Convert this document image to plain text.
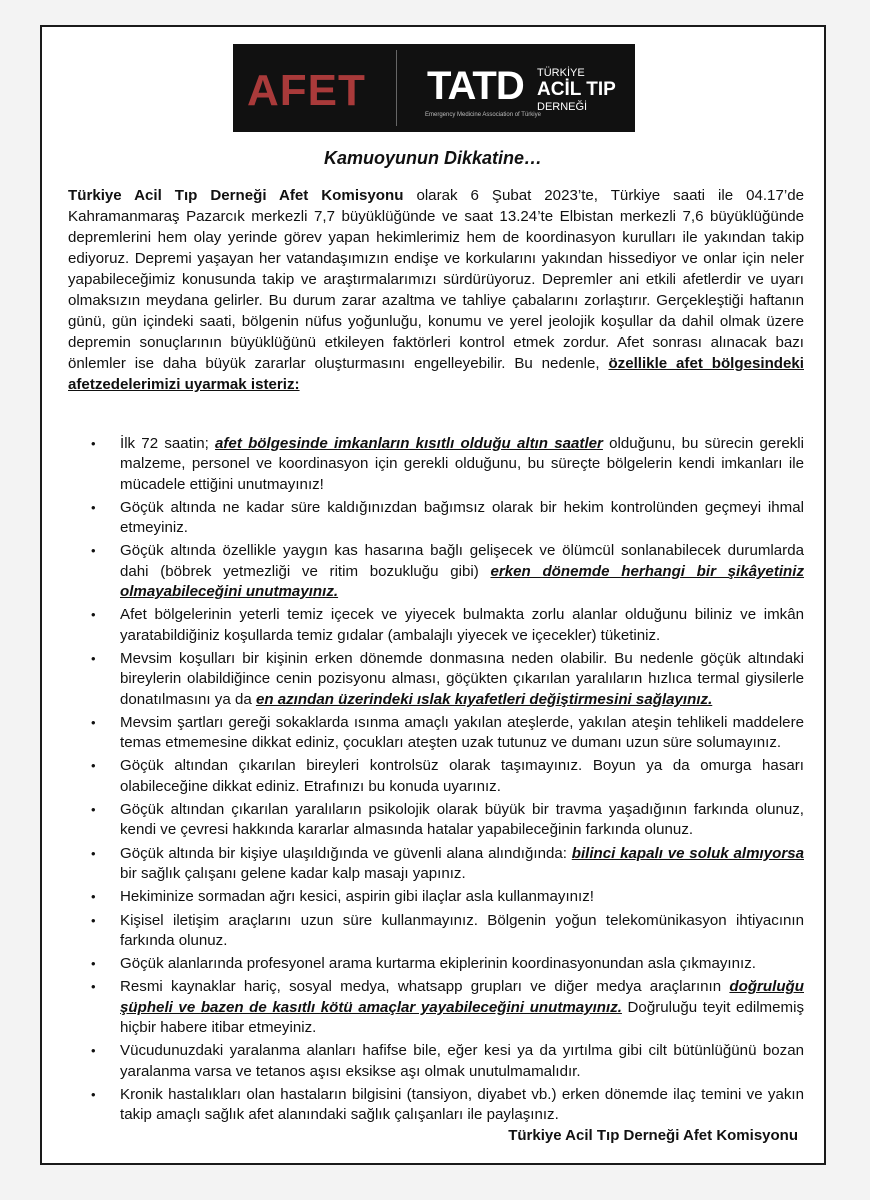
AFET TATD
Emergency Medicine Association of Türkiye
TÜRKİYE
ACİL TIP
DERNEĞİ
Kamuoyunun Dikkatine…
Türkiye Acil Tıp Derneği Afet Komisyonu olarak 6 Şubat 2023’te, Türkiye saati ile 04.17’de Kahramanmaraş Pazarcık merkezli 7,7 büyüklüğünde ve saat 13.24’te Elbistan merkezli 7,6 büyüklüğünde depremlerini hem olay yerinde görev yapan hekimlerimiz hem de koordinasyon kurulları ile yakından takip ediyoruz. Depremi yaşayan her vatandaşımızın endişe ve korkularını yakından hissediyor ve onlar için neler yapabileceğimiz konusunda takip ve araştırmalarımızı sürdürüyoruz. Depremler ani etkili afetlerdir ve uyarı olmaksızın meydana gelirler. Bu durum zarar azaltma ve tahliye çabalarını zorlaştırır. Gerçekleştiği haftanın günü, gün içindeki saati, bölgenin nüfus yoğunluğu, konumu ve yerel jeolojik koşullar da dahil olmak üzere depremin sonuçlarının büyüklüğünü etkileyen faktörleri kontrol etmek zordur. Afet sonrası alınacak bazı önlemler ise daha büyük zararlar oluşturmasını engelleyebilir. Bu nedenle, özellikle afet bölgesindeki afetzedelerimizi uyarmak isteriz:
• İlk 72 saatin; afet bölgesinde imkanların kısıtlı olduğu altın saatler olduğunu, bu sürecin gerekli malzeme, personel ve koordinasyon için gerekli olduğunu, bu süreçte bölgelerin kendi imkanları ile mücadele ettiğini unutmayınız!
• Göçük altında ne kadar süre kaldığınızdan bağımsız olarak bir hekim kontrolünden geçmeyi ihmal etmeyiniz.
• Göçük altında özellikle yaygın kas hasarına bağlı gelişecek ve ölümcül sonlanabilecek durumlarda dahi (böbrek yetmezliği ve ritim bozukluğu gibi) erken dönemde herhangi bir şikâyetiniz olmayabileceğini unutmayınız.
• Afet bölgelerinin yeterli temiz içecek ve yiyecek bulmakta zorlu alanlar olduğunu biliniz ve imkân yaratabildiğiniz koşullarda temiz gıdalar (ambalajlı yiyecek ve içecekler) tüketiniz.
• Mevsim koşulları bir kişinin erken dönemde donmasına neden olabilir. Bu nedenle göçük altındaki bireylerin olabildiğince cenin pozisyonu alması, göçükten çıkarılan yaralıların hızlıca termal giysilerle donatılmasını ya da en azından üzerindeki ıslak kıyafetleri değiştirmesini sağlayınız.
• Mevsim şartları gereği sokaklarda ısınma amaçlı yakılan ateşlerde, yakılan ateşin tehlikeli maddelere temas etmemesine dikkat ediniz, çocukları ateşten uzak tutunuz ve dumanı uzun süre solumayınız.
• Göçük altından çıkarılan bireyleri kontrolsüz olarak taşımayınız. Boyun ya da omurga hasarı olabileceğine dikkat ediniz. Etrafınızı bu konuda uyarınız.
• Göçük altından çıkarılan yaralıların psikolojik olarak büyük bir travma yaşadığının farkında olunuz, kendi ve çevresi hakkında kararlar almasında hatalar yapabileceğinin farkında olunuz.
• Göçük altında bir kişiye ulaşıldığında ve güvenli alana alındığında: bilinci kapalı ve soluk almıyorsa bir sağlık çalışanı gelene kadar kalp masajı yapınız.
• Hekiminize sormadan ağrı kesici, aspirin gibi ilaçlar asla kullanmayınız!
• Kişisel iletişim araçlarını uzun süre kullanmayınız. Bölgenin yoğun telekomünikasyon ihtiyacının farkında olunuz.
• Göçük alanlarında profesyonel arama kurtarma ekiplerinin koordinasyonundan asla çıkmayınız.
• Resmi kaynaklar hariç, sosyal medya, whatsapp grupları ve diğer medya araçlarının doğruluğu şüpheli ve bazen de kasıtlı kötü amaçlar yayabileceğini unutmayınız. Doğruluğu teyit edilmemiş hiçbir habere itibar etmeyiniz.
• Vücudunuzdaki yaralanma alanları hafifse bile, eğer kesi ya da yırtılma gibi cilt bütünlüğünü bozan yaralanma varsa ve tetanos aşısı eksikse aşı olmak unutulmamalıdır.
• Kronik hastalıkları olan hastaların bilgisini (tansiyon, diyabet vb.) erken dönemde ilaç temini ve yakın takip amaçlı sağlık afet alanındaki sağlık çalışanları ile paylaşınız.
Türkiye Acil Tıp Derneği Afet Komisyonu
